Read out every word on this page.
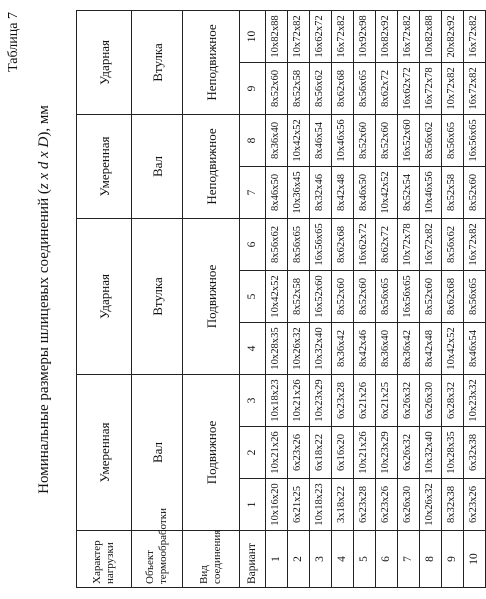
Таблица 7
Номинальные размеры шлицевых соединений (z x d x D), мм
Характер нагрузки	Умеренная			Ударная			Умеренная		Ударная	
Объект термообработки	Вал			Втулка			Вал		Втулка	
Вид соединения	Подвижное			Подвижное			Неподвижное		Неподвижное	
Вариант	1	2	3	4	5	6	7	8	9	10
1	10x16x20	10x21x26	10x18x23	10x28x35	10x42x52	8x56x62	8x46x50	8x36x40	8x52x60	10x82x88
2	6x21x25	6x23x26	10x21x26	10x26x32	8x52x58	8x56x65	10x36x45	10x42x52	8x52x58	10x72x82
3	10x18x23	6x18x22	10x23x29	10x32x40	16x52x60	16x56x65	8x32x46	8x46x54	8x56x62	16x62x72
4	3x18x22	6x16x20	6x23x28	8x36x42	8x52x60	8x62x68	8x42x48	10x46x56	8x62x68	16x72x82
5	6x23x28	10x21x26	6x21x26	8x42x46	8x52x60	16x62x72	8x46x50	8x52x60	8x56x65	10x92x98
6	6x23x26	10x23x29	6x21x25	8x36x40	8x56x65	8x62x72	10x42x52	8x52x60	8x62x72	10x82x92
7	6x26x30	6x26x32	6x26x32	8x36x42	16x56x65	10x72x78	8x52x54	16x52x60	16x62x72	16x72x82
8	10x26x32	10x32x40	6x26x30	8x42x48	8x52x60	16x72x82	10x46x56	8x56x62	16x72x78	10x82x88
9	8x32x38	10x28x35	6x28x32	10x42x52	8x62x68	8x56x62	8x52x58	8x56x65	10x72x82	20x82x92
10	6x23x26	6x32x38	10x23x32	8x46x54	8x56x65	16x72x82	8x52x60	16x56x65	16x72x82	16x72x82
